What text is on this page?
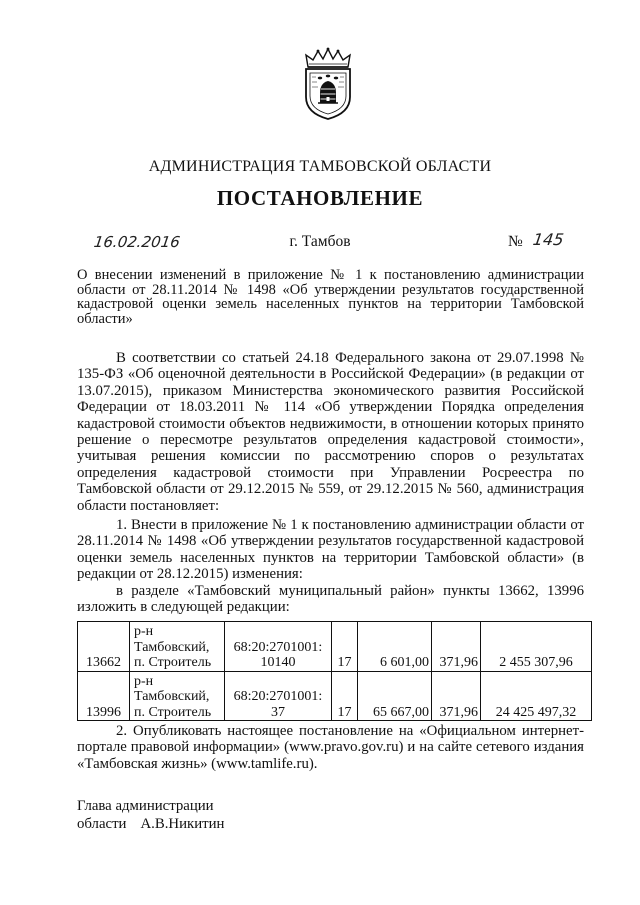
АДМИНИСТРАЦИЯ ТАМБОВСКОЙ ОБЛАСТИ
ПОСТАНОВЛЕНИЕ
16.02.2016	г. Тамбов	№ 145

О внесении изменений в приложение № 1 к постановлению администрации области от 28.11.2014 № 1498 «Об утверждении результатов государственной кадастровой оценки земель населенных пунктов на территории Тамбовской области»

В соответствии со статьей 24.18 Федерального закона от 29.07.1998 № 135-ФЗ «Об оценочной деятельности в Российской Федерации» (в редакции от 13.07.2015), приказом Министерства экономического развития Российской Федерации от 18.03.2011 № 114 «Об утверждении Порядка определения кадастровой стоимости объектов недвижимости, в отношении которых принято решение о пересмотре результатов определения кадастровой стоимости», учитывая решения комиссии по рассмотрению споров о результатах определения кадастровой стоимости при Управлении Росреестра по Тамбовской области от 29.12.2015 № 559, от 29.12.2015 № 560, администрация области постановляет:

1. Внести в приложение № 1 к постановлению администрации области от 28.11.2014 № 1498 «Об утверждении результатов государственной кадастровой оценки земель населенных пунктов на территории Тамбовской области» (в редакции от 28.12.2015) изменения:

в разделе «Тамбовский муниципальный район» пункты 13662, 13996 изложить в следующей редакции:

13662	р-н
Тамбовский,
п. Строитель	68:20:2701001:
10140	17	6 601,00	371,96	2 455 307,96
13996	р-н
Тамбовский,
п. Строитель	68:20:2701001:
37	17	65 667,00	371,96	24 425 497,32

2. Опубликовать настоящее постановление на «Официальном интернет-портале правовой информации» (www.pravo.gov.ru) и на сайте сетевого издания «Тамбовская жизнь» (www.tamlife.ru).

Глава администрации
области А.В.Никитин
